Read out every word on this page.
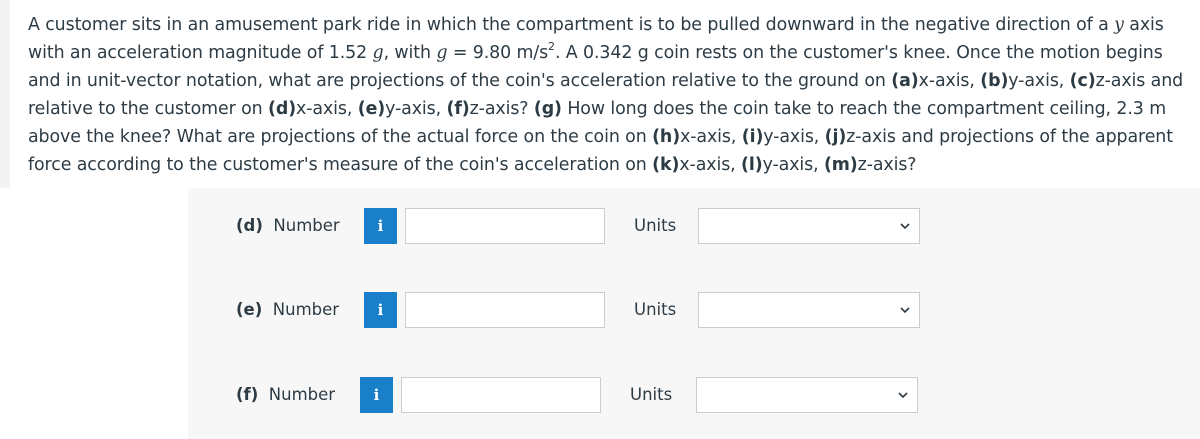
A customer sits in an amusement park ride in which the compartment is to be pulled downward in the negative direction of a y axis
with an acceleration magnitude of 1.52 g, with g = 9.80 $m/s^2$. A 0.342 g coin rests on the customer's knee. Once the motion begins
and in unit-vector notation, what are projections of the coin's acceleration relative to the ground on (a)x-axis, (b)y-axis, (c)z-axis and
relative to the customer on (d)x-axis, (e)y-axis, (f)z-axis? (g) How long does the coin take to reach the compartment ceiling, 2.3 m
above the knee? What are projections of the actual force on the coin on (h)x-axis, (i)y-axis, (j)z-axis and projections of the apparent
force according to the customer's measure of the coin's acceleration on (k)x-axis, (l)y-axis, (m)z-axis?
(d) Number	i	Units
(e) Number	i	Units
(f) Number	i	Units
